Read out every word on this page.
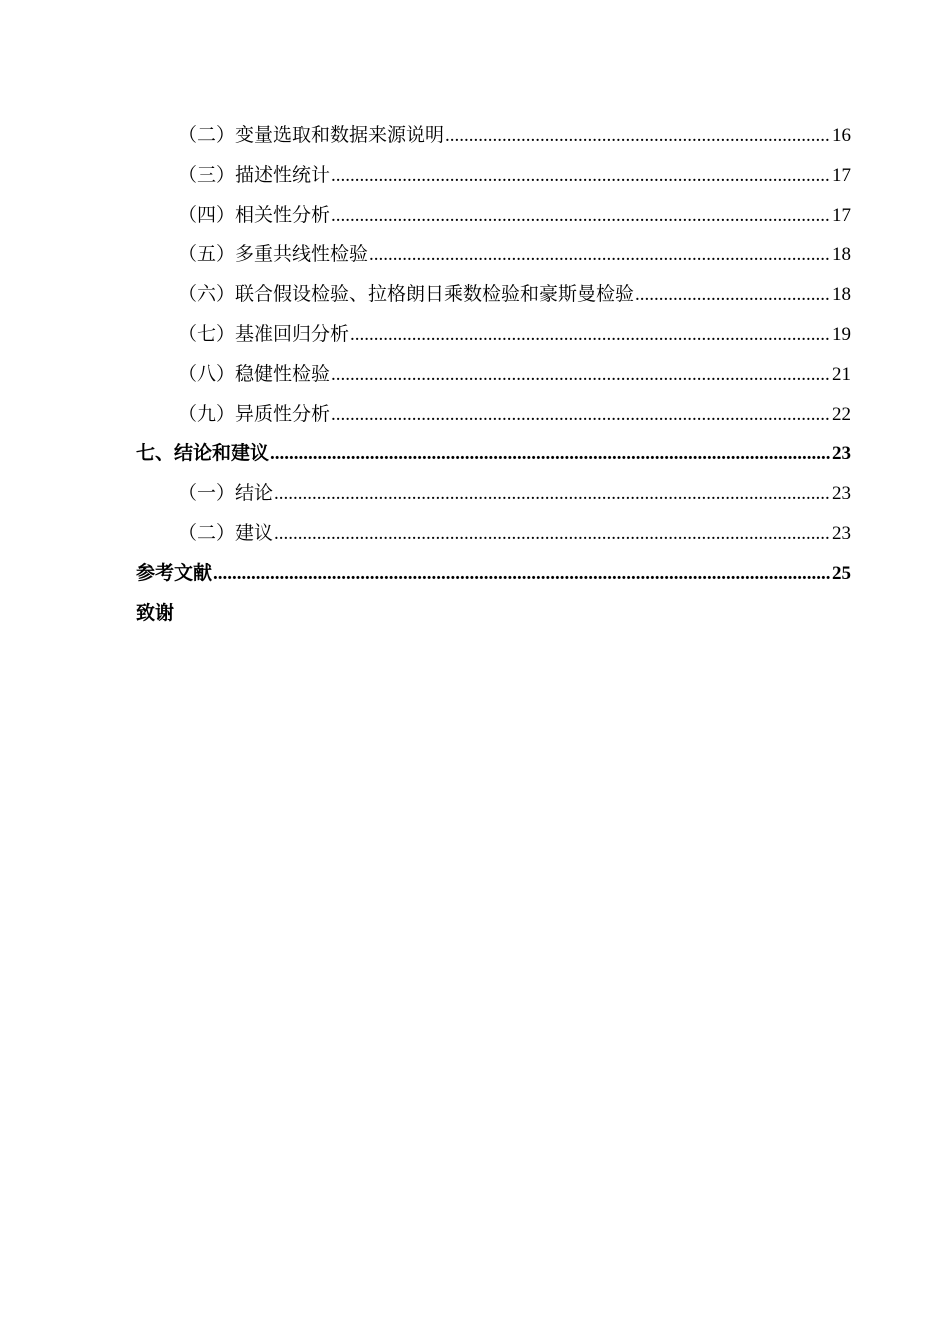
（二）变量选取和数据来源说明 .....	16
（三）描述性统计 .....	17
（四）相关性分析 .....	17
（五）多重共线性检验 .....	18
（六）联合假设检验、拉格朗日乘数检验和豪斯曼检验 .....	18
（七）基准回归分析 .....	19
（八）稳健性检验 .....	21
（九）异质性分析 .....	22
七、结论和建议 .....	23
（一）结论 .....	23
（二）建议 .....	23
参考文献 .....	25
致谢
